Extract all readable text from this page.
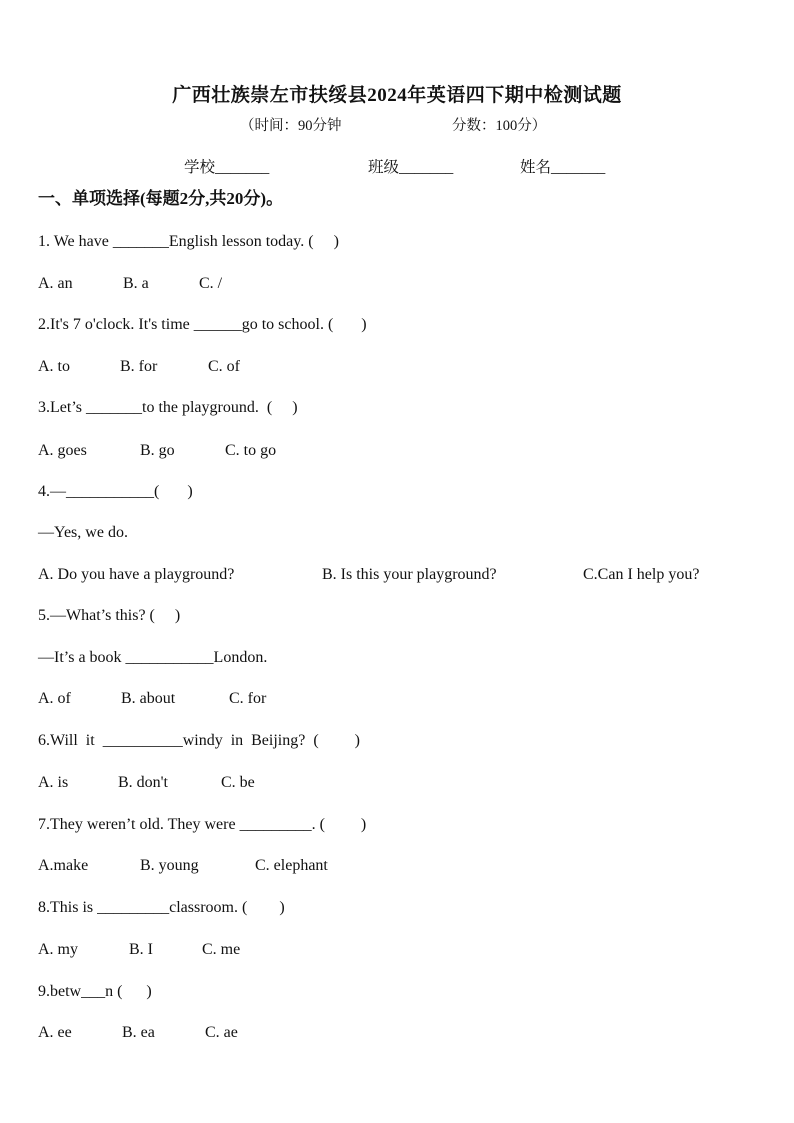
广西壮族崇左市扶绥县2024年英语四下期中检测试题
（时间：90分钟	分数：100分）
学校_______	班级_______	姓名_______
一、单项选择(每题2分,共20分)。
1. We have _______English lesson today. (     )
A. an	B. a	C. /
2.It's 7 o'clock. It's time ______go to school. (       )
A. to	B. for	C. of
3.Let’s _______to the playground.  (     )
A. goes	B. go	C. to go
4.—___________(       )
—Yes, we do.
A. Do you have a playground?	B. Is this your playground?	C.Can I help you?
5.—What’s this? (     )
—It’s a book ___________London.
A. of	B. about	C. for
6.Will  it  __________windy  in  Beijing?  (         )
A. is	B. don't	C. be
7.They weren’t old. They were _________. (         )
A.make	B. young	C. elephant
8.This is _________classroom. (        )
A. my	B. I	C. me
9.betw___n (      )
A. ee	B. ea	C. ae
